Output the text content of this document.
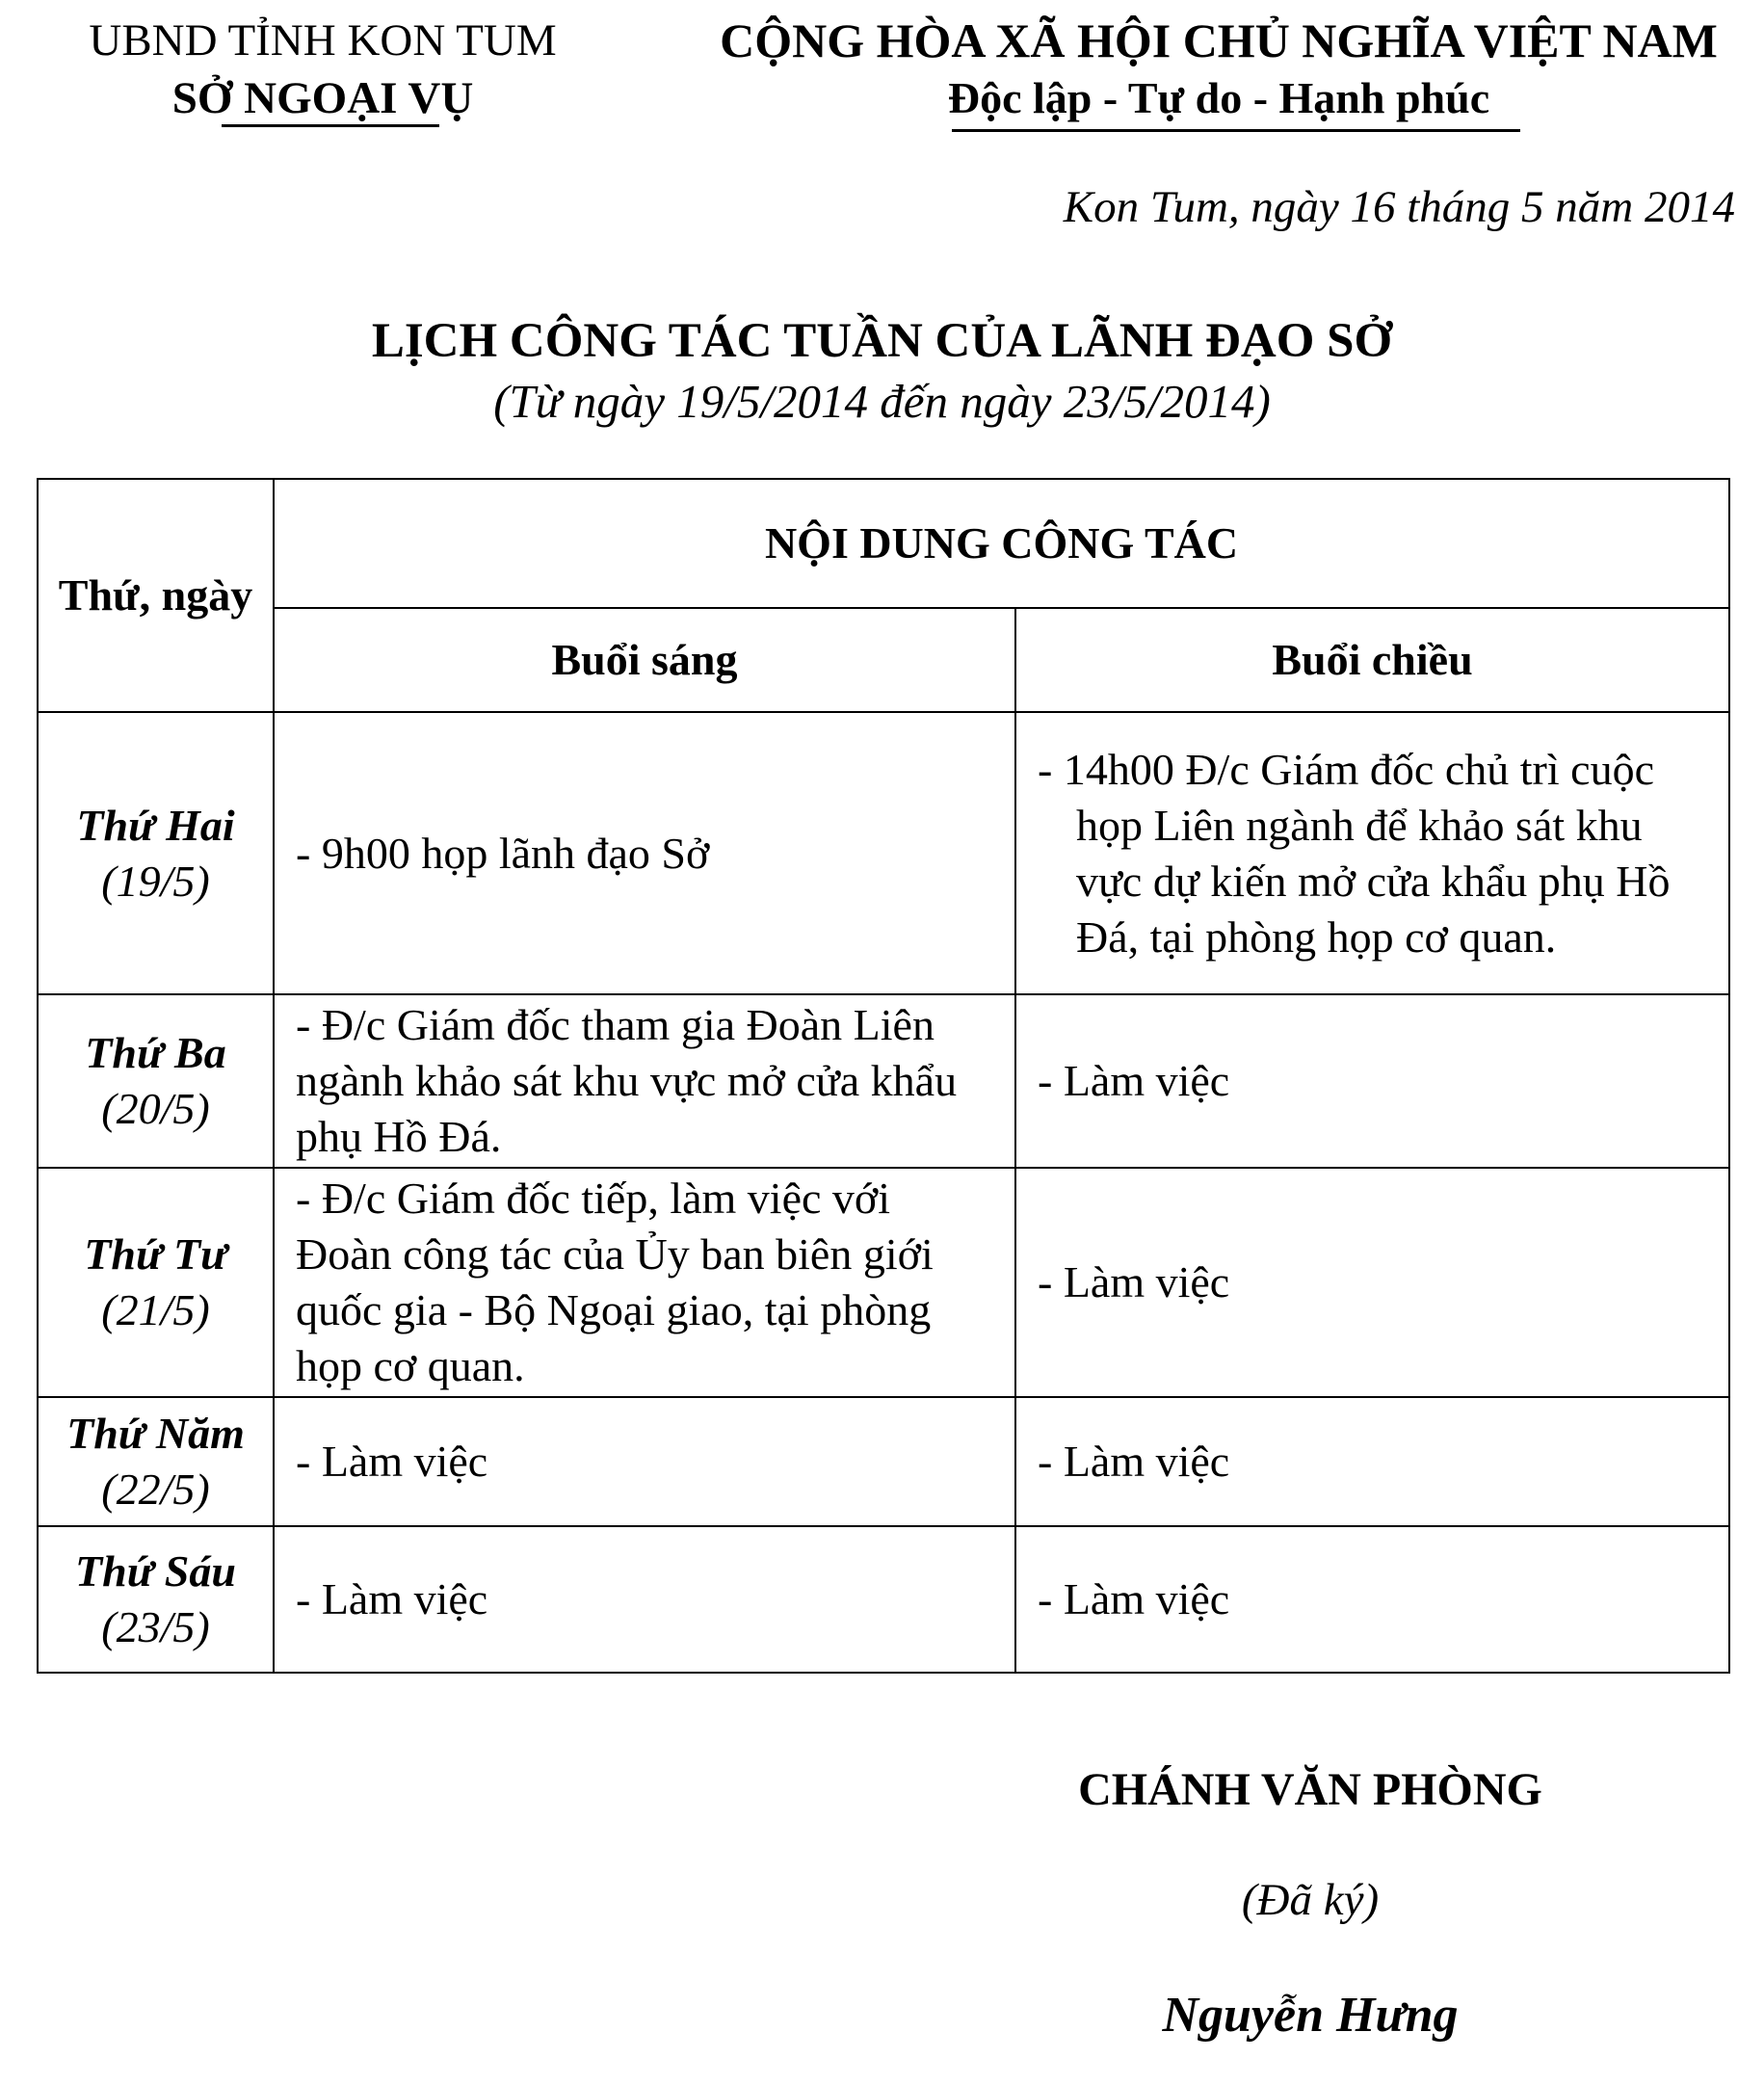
UBND TỈNH KON TUM
SỞ NGOẠI VỤ
CỘNG HÒA XÃ HỘI CHỦ NGHĨA VIỆT NAM
Độc lập - Tự do - Hạnh phúc
Kon Tum, ngày 16 tháng 5 năm 2014
LỊCH CÔNG TÁC TUẦN CỦA LÃNH ĐẠO SỞ
(Từ ngày 19/5/2014 đến ngày 23/5/2014)
Thứ, ngày	NỘI DUNG CÔNG TÁC	
	Buổi sáng	Buổi chiều

Thứ Hai
(19/5)	- 9h00 họp lãnh đạo Sở	- 14h00 Đ/c Giám đốc chủ trì cuộc họp Liên ngành để khảo sát khu vực dự kiến mở cửa khẩu phụ Hồ Đá, tại phòng họp cơ quan.

Thứ Ba
(20/5)	- Đ/c Giám đốc tham gia Đoàn Liên ngành khảo sát khu vực mở cửa khẩu phụ Hồ Đá.	- Làm việc

Thứ Tư
(21/5)	- Đ/c Giám đốc tiếp, làm việc với Đoàn công tác của Ủy ban biên giới quốc gia - Bộ Ngoại giao, tại phòng họp cơ quan.	- Làm việc

Thứ Năm
(22/5)	- Làm việc	- Làm việc

Thứ Sáu
(23/5)	- Làm việc	- Làm việc
CHÁNH VĂN PHÒNG
(Đã ký)
Nguyễn Hưng
